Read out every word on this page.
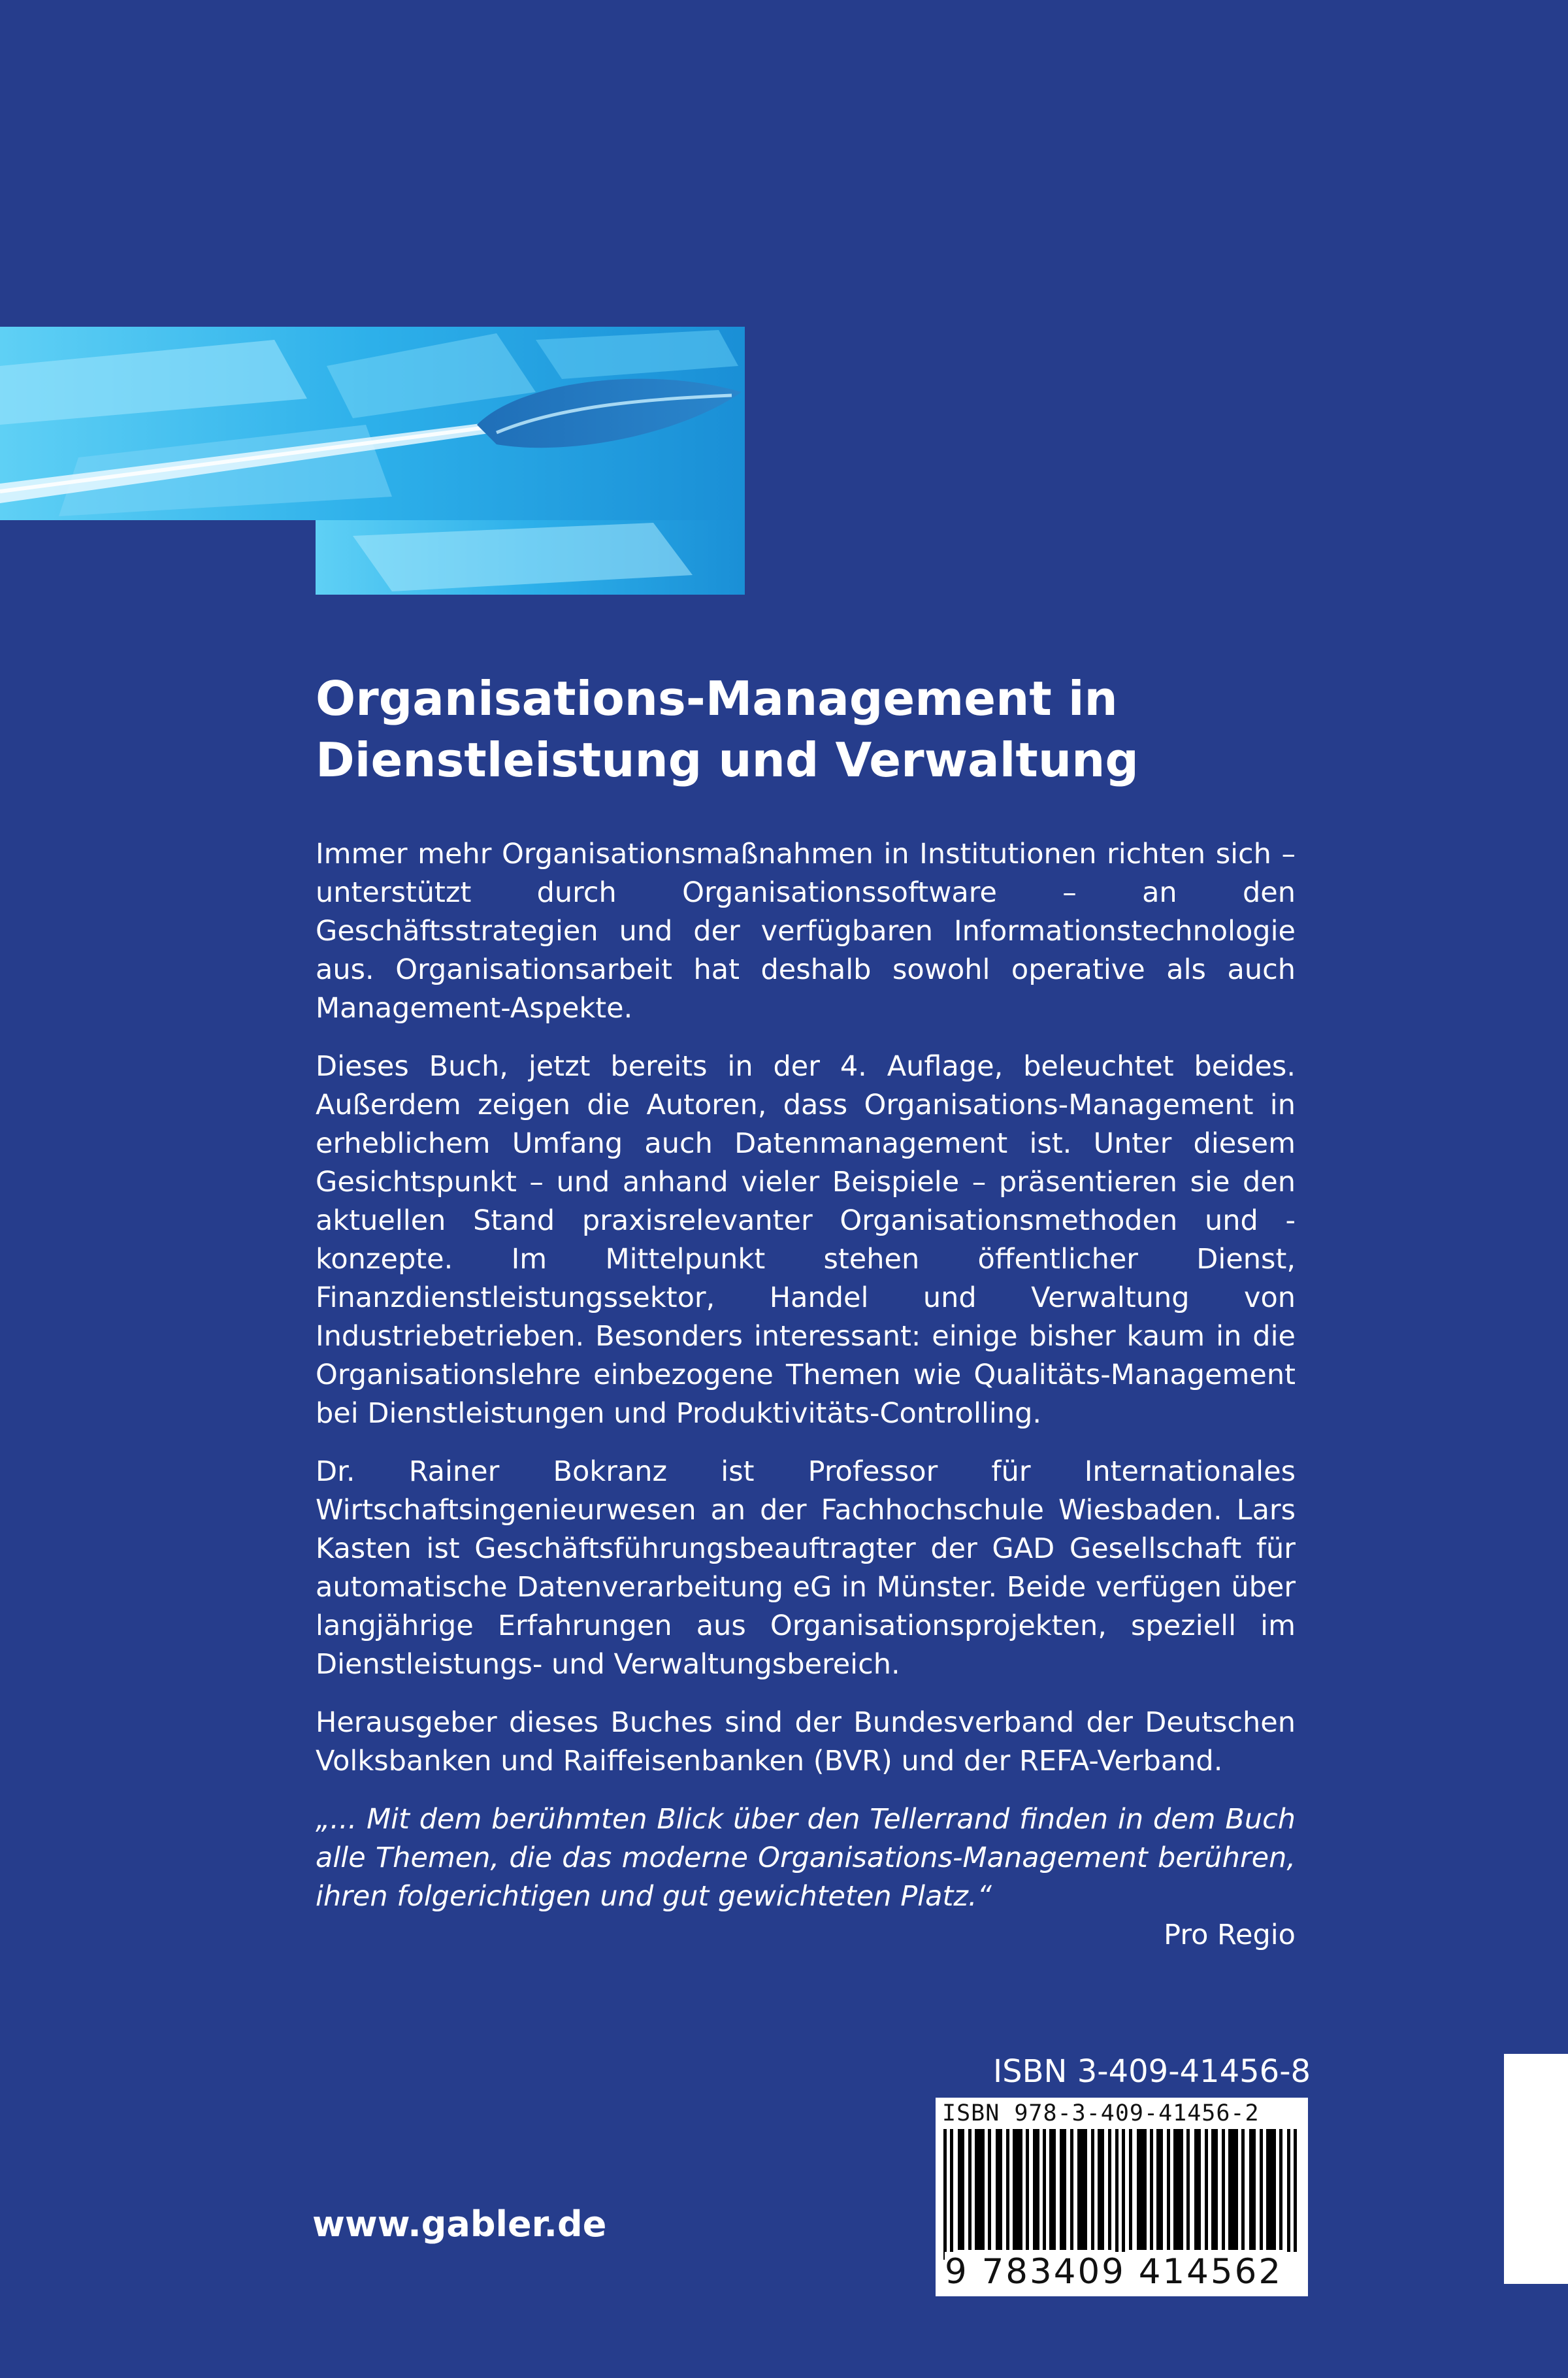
Organisations-Management in
Dienstleistung und Verwaltung

Immer mehr Organisationsmaßnahmen in Institutionen richten sich – unterstützt durch Organisationssoftware – an den Geschäftsstrategien und der verfügbaren Informationstechnologie aus. Organisationsarbeit hat deshalb sowohl operative als auch Management-Aspekte.

Dieses Buch, jetzt bereits in der 4. Auflage, beleuchtet beides. Außerdem zeigen die Autoren, dass Organisations-Management in erheblichem Umfang auch Datenmanagement ist. Unter diesem Gesichtspunkt – und anhand vieler Beispiele – präsentieren sie den aktuellen Stand praxisrelevanter Organisationsmethoden und -konzepte. Im Mittelpunkt stehen öffentlicher Dienst, Finanzdienstleistungssektor, Handel und Verwaltung von Industriebetrieben. Besonders interessant: einige bisher kaum in die Organisationslehre einbezogene Themen wie Qualitäts-Management bei Dienstleistungen und Produktivitäts-Controlling.

Dr. Rainer Bokranz ist Professor für Internationales Wirtschaftsingenieurwesen an der Fachhochschule Wiesbaden. Lars Kasten ist Geschäftsführungsbeauftragter der GAD Gesellschaft für automatische Datenverarbeitung eG in Münster. Beide verfügen über langjährige Erfahrungen aus Organisationsprojekten, speziell im Dienstleistungs- und Verwaltungsbereich.

Herausgeber dieses Buches sind der Bundesverband der Deutschen Volksbanken und Raiffeisenbanken (BVR) und der REFA-Verband.

„... Mit dem berühmten Blick über den Tellerrand finden in dem Buch alle Themen, die das moderne Organisations-Management berühren, ihren folgerichtigen und gut gewichteten Platz.“

Pro Regio

www.gabler.de
ISBN 3-409-41456-8
ISBN 978-3-409-41456-2
9 783409 414562
